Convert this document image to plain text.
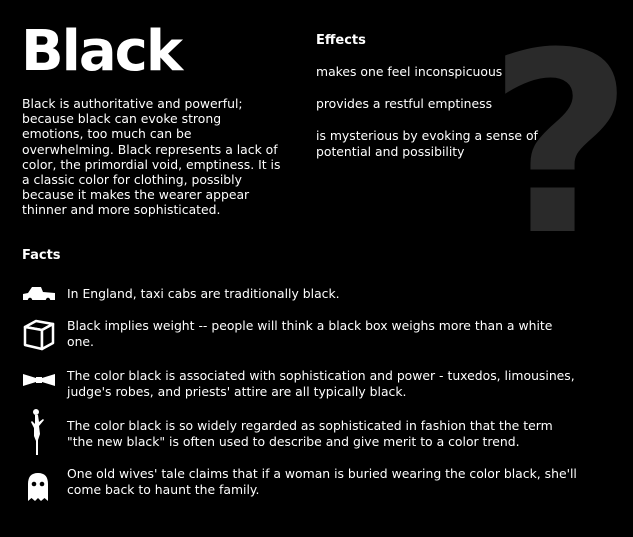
?
Black

Black is authoritative and powerful; because black can evoke strong emotions, too much can be overwhelming. Black represents a lack of color, the primordial void, emptiness. It is a classic color for clothing, possibly because it makes the wearer appear thinner and more sophisticated.

Effects
makes one feel inconspicuous
provides a restful emptiness
is mysterious by evoking a sense of potential and possibility
Facts

In England, taxi cabs are traditionally black.

Black implies weight -- people will think a black box weighs more than a white one.

The color black is associated with sophistication and power - tuxedos, limousines, judge's robes, and priests' attire are all typically black.

The color black is so widely regarded as sophisticated in fashion that the term "the new black" is often used to describe and give merit to a color trend.

One old wives' tale claims that if a woman is buried wearing the color black, she'll come back to haunt the family.
